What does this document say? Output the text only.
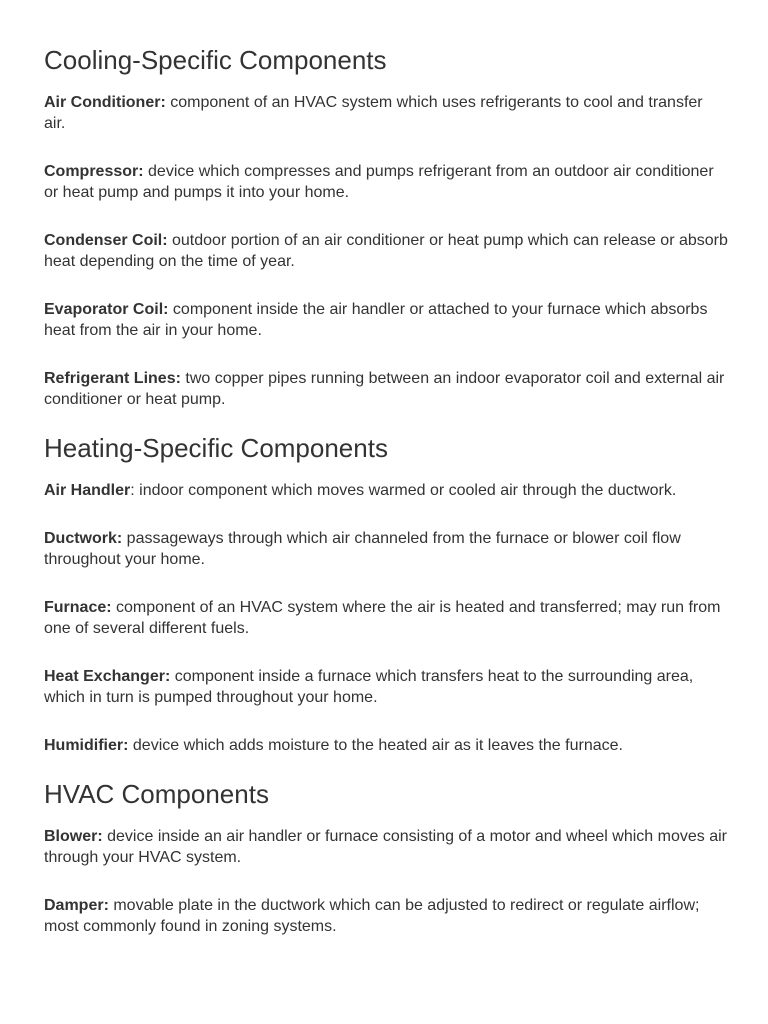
Cooling-Specific Components

Air Conditioner: component of an HVAC system which uses refrigerants to cool and transfer air.

Compressor: device which compresses and pumps refrigerant from an outdoor air conditioner or heat pump and pumps it into your home.

Condenser Coil: outdoor portion of an air conditioner or heat pump which can release or absorb heat depending on the time of year.

Evaporator Coil: component inside the air handler or attached to your furnace which absorbs heat from the air in your home.

Refrigerant Lines: two copper pipes running between an indoor evaporator coil and external air conditioner or heat pump.

Heating-Specific Components

Air Handler: indoor component which moves warmed or cooled air through the ductwork.

Ductwork: passageways through which air channeled from the furnace or blower coil flow throughout your home.

Furnace: component of an HVAC system where the air is heated and transferred; may run from one of several different fuels.

Heat Exchanger: component inside a furnace which transfers heat to the surrounding area, which in turn is pumped throughout your home.

Humidifier: device which adds moisture to the heated air as it leaves the furnace.

HVAC Components

Blower: device inside an air handler or furnace consisting of a motor and wheel which moves air through your HVAC system.

Damper: movable plate in the ductwork which can be adjusted to redirect or regulate airflow; most commonly found in zoning systems.
